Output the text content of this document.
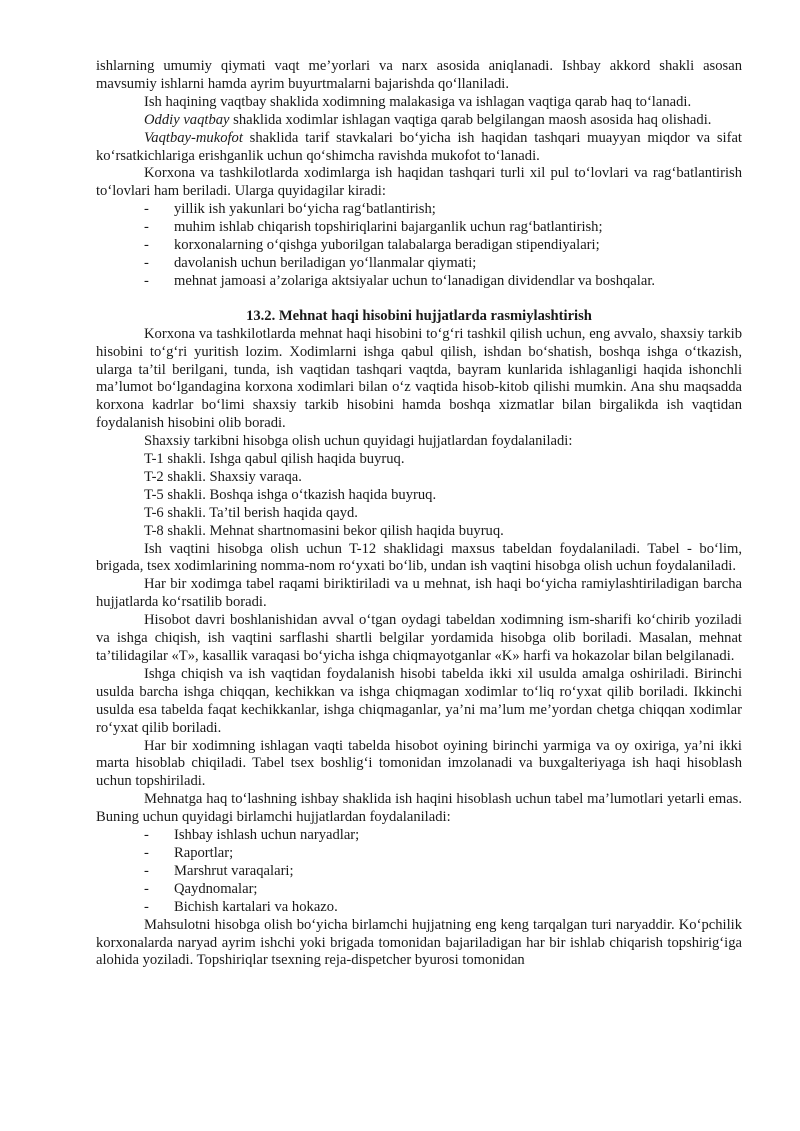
ishlarning umumiy qiymati vaqt me’yorlari va narx asosida aniqlanadi. Ishbay akkord shakli asosan mavsumiy ishlarni hamda ayrim buyurtmalarni bajarishda qo‘llaniladi.

Ish haqining vaqtbay shaklida xodimning malakasiga va ishlagan vaqtiga qarab haq to‘lanadi.

Oddiy vaqtbay shaklida xodimlar ishlagan vaqtiga qarab belgilangan maosh asosida haq olishadi.

Vaqtbay-mukofot shaklida tarif stavkalari bo‘yicha ish haqidan tashqari muayyan miqdor va sifat ko‘rsatkichlariga erishganlik uchun qo‘shimcha ravishda mukofot to‘lanadi.

Korxona va tashkilotlarda xodimlarga ish haqidan tashqari turli xil pul to‘lovlari va rag‘batlantirish to‘lovlari ham beriladi. Ularga quyidagilar kiradi:

- yillik ish yakunlari bo‘yicha rag‘batlantirish;
- muhim ishlab chiqarish topshiriqlarini bajarganlik uchun rag‘batlantirish;
- korxonalarning o‘qishga yuborilgan talabalarga beradigan stipendiyalari;
- davolanish uchun beriladigan yo‘llanmalar qiymati;
- mehnat jamoasi a’zolariga aktsiyalar uchun to‘lanadigan dividendlar va boshqalar.
13.2. Mehnat haqi hisobini hujjatlarda rasmiylashtirish

Korxona va tashkilotlarda mehnat haqi hisobini to‘g‘ri tashkil qilish uchun, eng avvalo, shaxsiy tarkib hisobini to‘g‘ri yuritish lozim. Xodimlarni ishga qabul qilish, ishdan bo‘shatish, boshqa ishga o‘tkazish, ularga ta’til berilgani, tunda, ish vaqtidan tashqari vaqtda, bayram kunlarida ishlaganligi haqida ishonchli ma’lumot bo‘lgandagina korxona xodimlari bilan o‘z vaqtida hisob-kitob qilishi mumkin. Ana shu maqsadda korxona kadrlar bo‘limi shaxsiy tarkib hisobini hamda boshqa xizmatlar bilan birgalikda ish vaqtidan foydalanish hisobini olib boradi.

Shaxsiy tarkibni hisobga olish uchun quyidagi hujjatlardan foydalaniladi:

T-1 shakli. Ishga qabul qilish haqida buyruq.

T-2 shakli. Shaxsiy varaqa.

T-5 shakli. Boshqa ishga o‘tkazish haqida buyruq.

T-6 shakli. Ta’til berish haqida qayd.

T-8 shakli. Mehnat shartnomasini bekor qilish haqida buyruq.

Ish vaqtini hisobga olish uchun T-12 shaklidagi maxsus tabeldan foydalaniladi. Tabel - bo‘lim, brigada, tsex xodimlarining nomma-nom ro‘yxati bo‘lib, undan ish vaqtini hisobga olish uchun foydalaniladi.

Har bir xodimga tabel raqami biriktiriladi va u mehnat, ish haqi bo‘yicha ramiylashtiriladigan barcha hujjatlarda ko‘rsatilib boradi.

Hisobot davri boshlanishidan avval o‘tgan oydagi tabeldan xodimning ism-sharifi ko‘chirib yoziladi va ishga chiqish, ish vaqtini sarflashi shartli belgilar yordamida hisobga olib boriladi. Masalan, mehnat ta’tilidagilar «T», kasallik varaqasi bo‘yicha ishga chiqmayotganlar «K» harfi va hokazolar bilan belgilanadi.

Ishga chiqish va ish vaqtidan foydalanish hisobi tabelda ikki xil usulda amalga oshiriladi. Birinchi usulda barcha ishga chiqqan, kechikkan va ishga chiqmagan xodimlar to‘liq ro‘yxat qilib boriladi. Ikkinchi usulda esa tabelda faqat kechikkanlar, ishga chiqmaganlar, ya’ni ma’lum me’yordan chetga chiqqan xodimlar ro‘yxat qilib boriladi.

Har bir xodimning ishlagan vaqti tabelda hisobot oyining birinchi yarmiga va oy oxiriga, ya’ni ikki marta hisoblab chiqiladi. Tabel tsex boshlig‘i tomonidan imzolanadi va buxgalteriyaga ish haqi hisoblash uchun topshiriladi.

Mehnatga haq to‘lashning ishbay shaklida ish haqini hisoblash uchun tabel ma’lumotlari yetarli emas. Buning uchun quyidagi birlamchi hujjatlardan foydalaniladi:

- Ishbay ishlash uchun naryadlar;
- Raportlar;
- Marshrut varaqalari;
- Qaydnomalar;
- Bichish kartalari va hokazo.

Mahsulotni hisobga olish bo‘yicha birlamchi hujjatning eng keng tarqalgan turi naryaddir. Ko‘pchilik korxonalarda naryad ayrim ishchi yoki brigada tomonidan bajariladigan har bir ishlab chiqarish topshirig‘iga alohida yoziladi. Topshiriqlar tsexning reja-dispetcher byurosi tomonidan
